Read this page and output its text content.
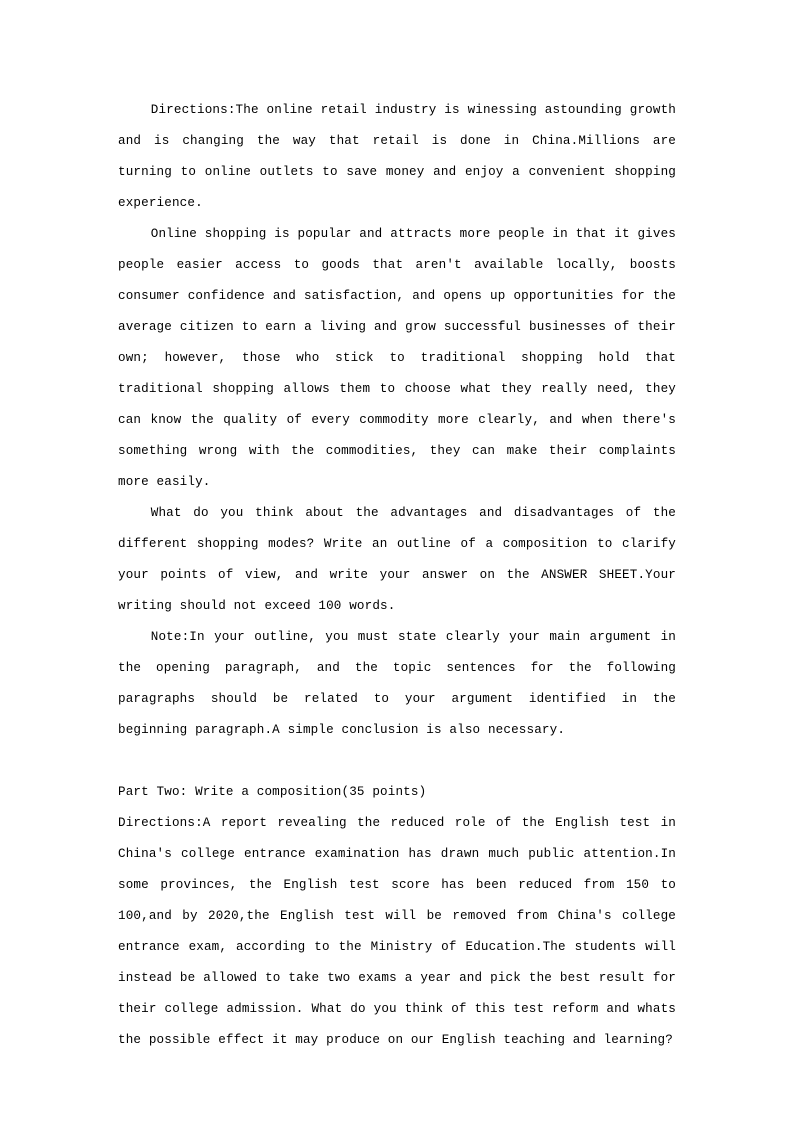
Directions:The online retail industry is winessing astounding growth and is changing the way that retail is done in China.Millions are turning to online outlets to save money and enjoy a convenient shopping experience.

Online shopping is popular and attracts more people in that it gives people easier access to goods that aren't available locally, boosts consumer confidence and satisfaction, and opens up opportunities for the average citizen to earn a living and grow successful businesses of their own; however, those who stick to traditional shopping hold that traditional shopping allows them to choose what they really need, they can know the quality of every commodity more clearly, and when there's something wrong with the commodities, they can make their complaints more easily.

What do you think about the advantages and disadvantages of the different shopping modes? Write an outline of a composition to clarify your points of view, and write your answer on the ANSWER SHEET.Your writing should not exceed 100 words.

Note:In your outline, you must state clearly your main argument in the opening paragraph, and the topic sentences for the following paragraphs should be related to your argument identified in the beginning paragraph.A simple conclusion is also necessary.

Part Two: Write a composition(35 points)

Directions:A report revealing the reduced role of the English test in China's college entrance examination has drawn much public attention.In some provinces, the English test score has been reduced from 150 to 100,and by 2020,the English test will be removed from China's college entrance exam, according to the Ministry of Education.The students will instead be allowed to take two exams a year and pick the best result for their college admission. What do you think of this test reform and whats the possible effect it may produce on our English teaching and learning?
